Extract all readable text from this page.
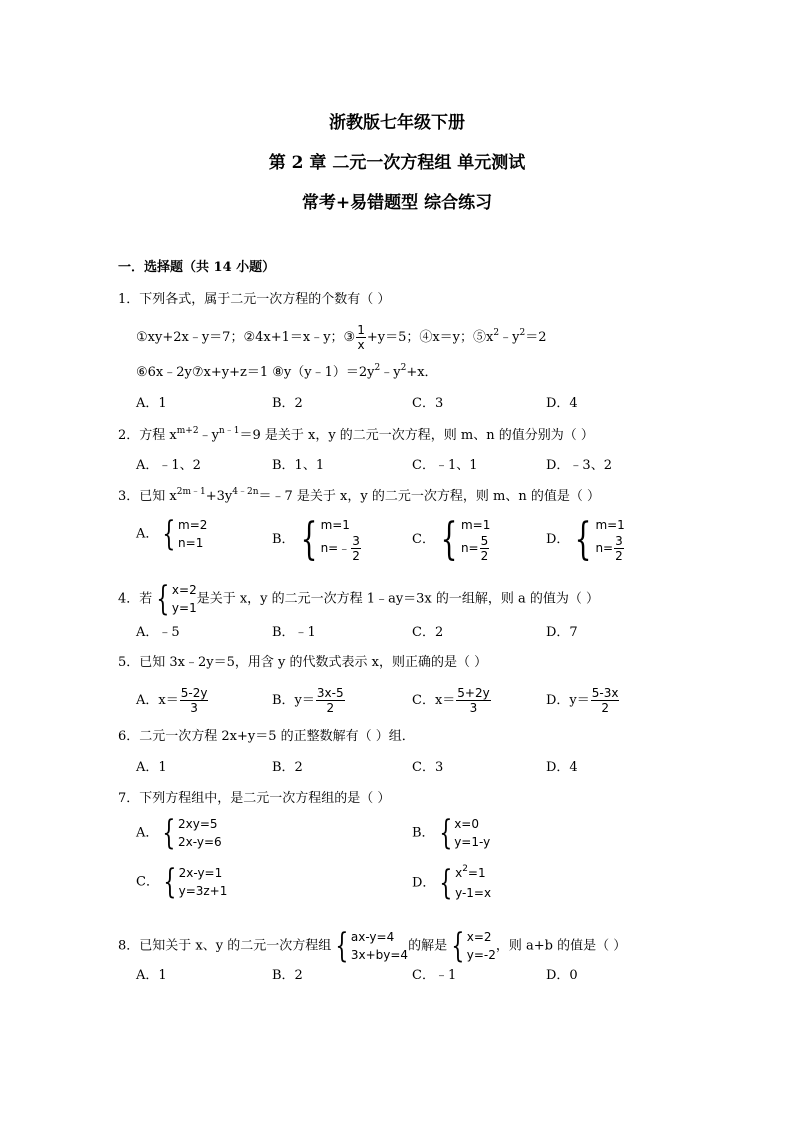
浙教版七年级下册
第 2 章 二元一次方程组 单元测试
常考+易错题型 综合练习
一．选择题（共 14 小题）
1．下列各式，属于二元一次方程的个数有（ ）
①xy+2x﹣y＝7；②4x+1＝x﹣y；③ $\frac{1}{x} +y=5$；④x＝y；$⑤x^2﹣y^2=2$
⑥6x﹣2y⑦x+y+z＝1 $⑧y(y﹣1)=2y^2﹣y^2+x$．
A．1	B．2	C．3	D．4
2．方程 $x^{m+2}﹣y^{n﹣1}=9$ 是关于 x，y 的二元一次方程，则 m、n 的值分别为（ ）
A．﹣1、2	B．1、1	C．﹣1、1	D．﹣3、2
3．已知 $x^{2m﹣1}+3y^{4﹣2n}=﹣7$ 是关于 x，y 的二元一次方程，则 m、n 的值是（ ）
A． { m=2
n=1	B． { m=1
n=﹣ $\frac{3}{2}$	C． { m=1
$n= \frac{5}{2}$	D． { m=1
$n= \frac{3}{2}$
4．若 { x=2
y=1
是关于 x，y 的二元一次方程 1﹣ay＝3x 的一组解，则 a 的值为（ ）
A．﹣5	B．﹣1	C．2	D．7
5．已知 3x﹣2y＝5，用含 y 的代数式表示 x，则正确的是（ ）
A．$x= \frac{5-2y}{3}$	B．$y= \frac{3x-5}{2}$	C．$x= \frac{5+2y}{3}$	D．$y= \frac{5-3x}{2}$
6．二元一次方程 2x+y＝5 的正整数解有（ ）组．
A．1	B．2	C．3	D．4
7．下列方程组中，是二元一次方程组的是（ ）
A． { 2xy=5
2x-y=6
B． { x=0
y=1-y
C． { 2x-y=1
y=3z+1
D． { $x^2=1$
y-1=x
8．已知关于 x、y 的二元一次方程组 { ax-y=4
3x+by=4
的解是 { x=2
y=-2
，则 a+b 的值是（ ）
A．1	B．2	C．﹣1	D．0
